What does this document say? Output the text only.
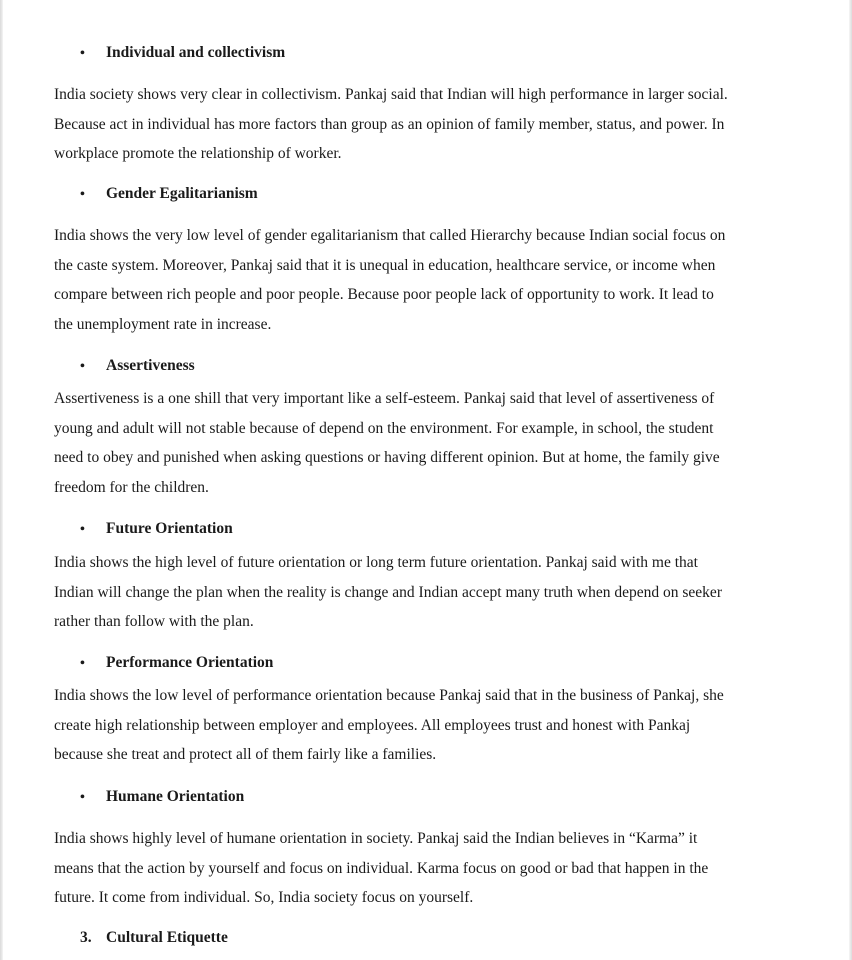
• Individual and collectivism
India society shows very clear in collectivism. Pankaj said that Indian will high performance in larger social.
Because act in individual has more factors than group as an opinion of family member, status, and power. In
workplace promote the relationship of worker.
• Gender Egalitarianism
India shows the very low level of gender egalitarianism that called Hierarchy because Indian social focus on
the caste system. Moreover, Pankaj said that it is unequal in education, healthcare service, or income when
compare between rich people and poor people. Because poor people lack of opportunity to work. It lead to
the unemployment rate in increase.
• Assertiveness
Assertiveness is a one shill that very important like a self-esteem. Pankaj said that level of assertiveness of
young and adult will not stable because of depend on the environment. For example, in school, the student
need to obey and punished when asking questions or having different opinion. But at home, the family give
freedom for the children.
• Future Orientation
India shows the high level of future orientation or long term future orientation. Pankaj said with me that
Indian will change the plan when the reality is change and Indian accept many truth when depend on seeker
rather than follow with the plan.
• Performance Orientation
India shows the low level of performance orientation because Pankaj said that in the business of Pankaj, she
create high relationship between employer and employees. All employees trust and honest with Pankaj
because she treat and protect all of them fairly like a families.
• Humane Orientation
India shows highly level of humane orientation in society. Pankaj said the Indian believes in “Karma” it
means that the action by yourself and focus on individual. Karma focus on good or bad that happen in the
future. It come from individual. So, India society focus on yourself.
3. Cultural Etiquette
